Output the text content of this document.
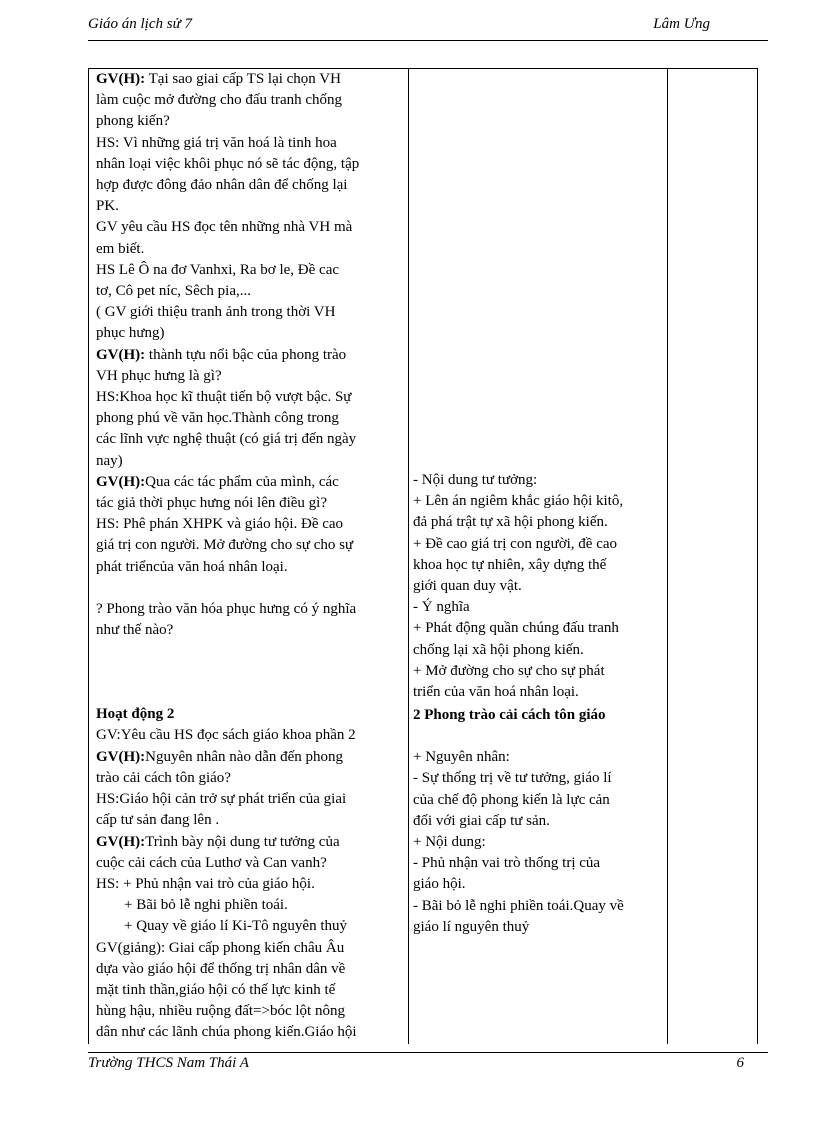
Giáo án lịch sử 7	Lâm Ưng
GV(H): Tại sao giai cấp TS lại chọn VH
làm cuộc mở đường cho đấu tranh chống
phong kiến?
HS: Vì những giá trị văn hoá là tinh hoa
nhân loại việc khôi phục nó sẽ tác động, tập
hợp được đông đảo nhân dân để chống lại
PK.
GV yêu cầu HS đọc tên những nhà VH mà
em biết.
HS Lê Ô na đơ Vanhxi, Ra bơ le, Đề cac
tơ, Cô pet níc, Sêch pia,...
( GV giới thiệu tranh ảnh trong thời VH
phục hưng)
GV(H): thành tựu nổi bậc của phong trào
VH phục hưng là gì?
HS:Khoa học kĩ thuật tiến bộ vượt bậc. Sự
phong phú về văn học.Thành công trong
các lĩnh vực nghệ thuật (có giá trị đến ngày
nay)
GV(H):Qua các tác phẩm của mình, các
tác giả thời phục hưng nói lên điều gì?
HS: Phê phán XHPK và giáo hội. Đề cao
giá trị con người. Mở đường cho sự cho sự
phát triểncủa văn hoá nhân loại.
? Phong trào văn hóa phục hưng có ý nghĩa
như thế nào?
Hoạt động 2
GV:Yêu cầu HS đọc sách giáo khoa phần 2
GV(H):Nguyên nhân nào dẫn đến phong
trào cải cách tôn giáo?
HS:Giáo hội cản trở sự phát triển của giai
cấp tư sản đang lên .
GV(H):Trình bày nội dung tư tưởng của
cuộc cải cách của Luthơ và Can vanh?
HS: + Phủ nhận vai trò của giáo hội.
+ Bãi bỏ lễ nghi phiền toái.
+ Quay về giáo lí Ki-Tô nguyên thuỷ
GV(giảng): Giai cấp phong kiến châu Âu
dựa vào giáo hội để thống trị nhân dân về
mặt tinh thần,giáo hội có thế lực kinh tế
hùng hậu, nhiều ruộng đất=>bóc lột nông
dân như các lãnh chúa phong kiến.Giáo hội
- Nội dung tư tưởng:
+ Lên án ngiêm khắc giáo hội kitô,
đả phá trật tự xã hội phong kiến.
+ Đề cao giá trị con người, đề cao
khoa học tự nhiên, xây dựng thế
giới quan duy vật.
- Ý nghĩa
+ Phát động quần chúng đấu tranh
chống lại xã hội phong kiến.
+ Mở đường cho sự cho sự phát
triển của văn hoá nhân loại.
2 Phong trào cải cách tôn giáo
+ Nguyên nhân:
- Sự thống trị về tư tưởng, giáo lí
của chế độ phong kiến là lực cản
đối với giai cấp tư sản.
+ Nội dung:
- Phủ nhận vai trò thống trị của
giáo hội.
- Bãi bỏ lễ nghi phiền toái.Quay về
giáo lí nguyên thuỷ
Trường THCS Nam Thái A	6
